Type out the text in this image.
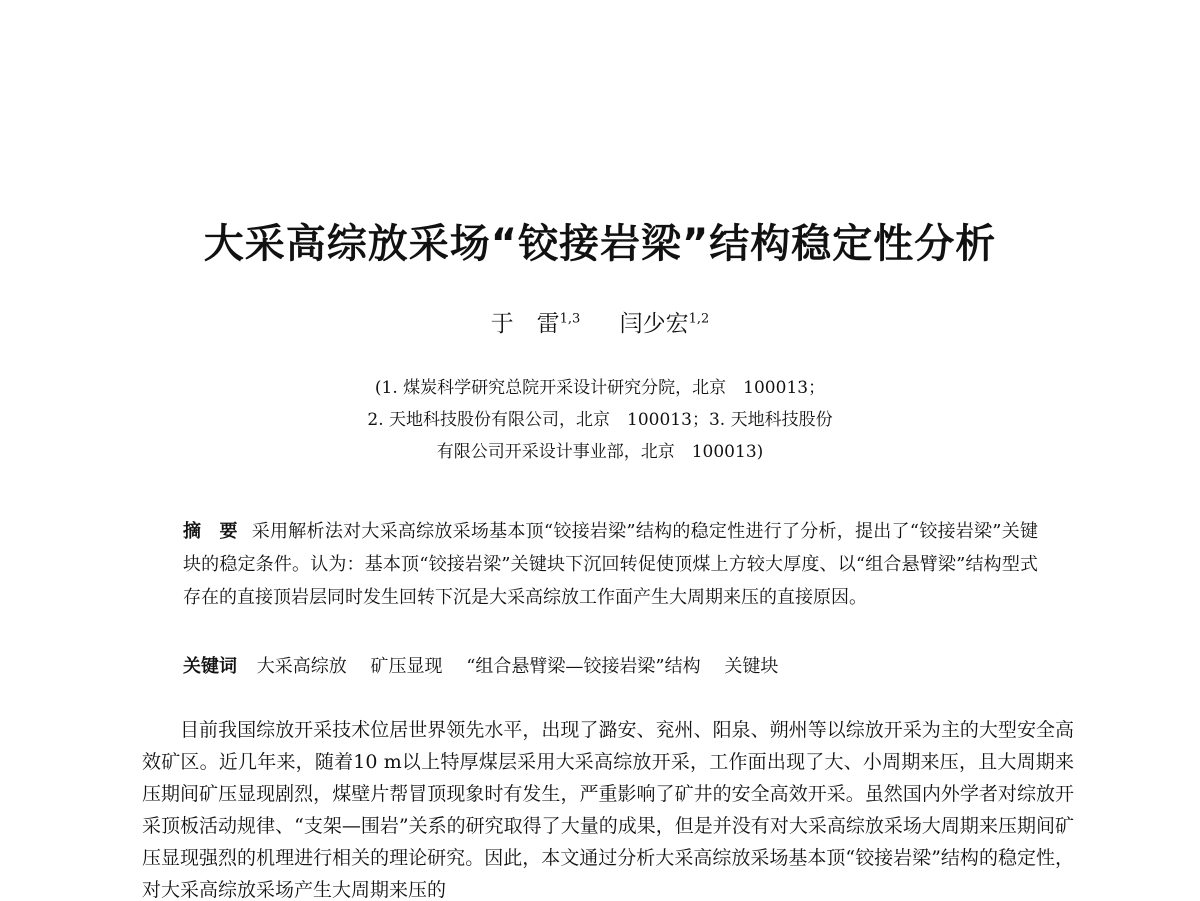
大采高综放采场“铰接岩梁”结构稳定性分析
于　雷$^{1,3}$ 闫少宏$^{1,2}$
(1. 煤炭科学研究总院开采设计研究分院，北京　100013；
2. 天地科技股份有限公司，北京　100013；3. 天地科技股份
有限公司开采设计事业部，北京　100013)
摘　要 采用解析法对大采高综放采场基本顶“铰接岩梁”结构的稳定性进行了分析，提出了“铰接岩梁”关键块的稳定条件。认为：基本顶“铰接岩梁”关键块下沉回转促使顶煤上方较大厚度、以“组合悬臂梁”结构型式存在的直接顶岩层同时发生回转下沉是大采高综放工作面产生大周期来压的直接原因。
关键词 大采高综放 矿压显现 “组合悬臂梁—铰接岩梁”结构 关键块

目前我国综放开采技术位居世界领先水平，出现了潞安、兖州、阳泉、朔州等以综放开采为主的大型安全高效矿区。近几年来，随着10 m以上特厚煤层采用大采高综放开采，工作面出现了大、小周期来压，且大周期来压期间矿压显现剧烈，煤壁片帮冒顶现象时有发生，严重影响了矿井的安全高效开采。虽然国内外学者对综放开采顶板活动规律、“支架—围岩”关系的研究取得了大量的成果，但是并没有对大采高综放采场大周期来压期间矿压显现强烈的机理进行相关的理论研究。因此，本文通过分析大采高综放采场基本顶“铰接岩梁”结构的稳定性，对大采高综放采场产生大周期来压的
